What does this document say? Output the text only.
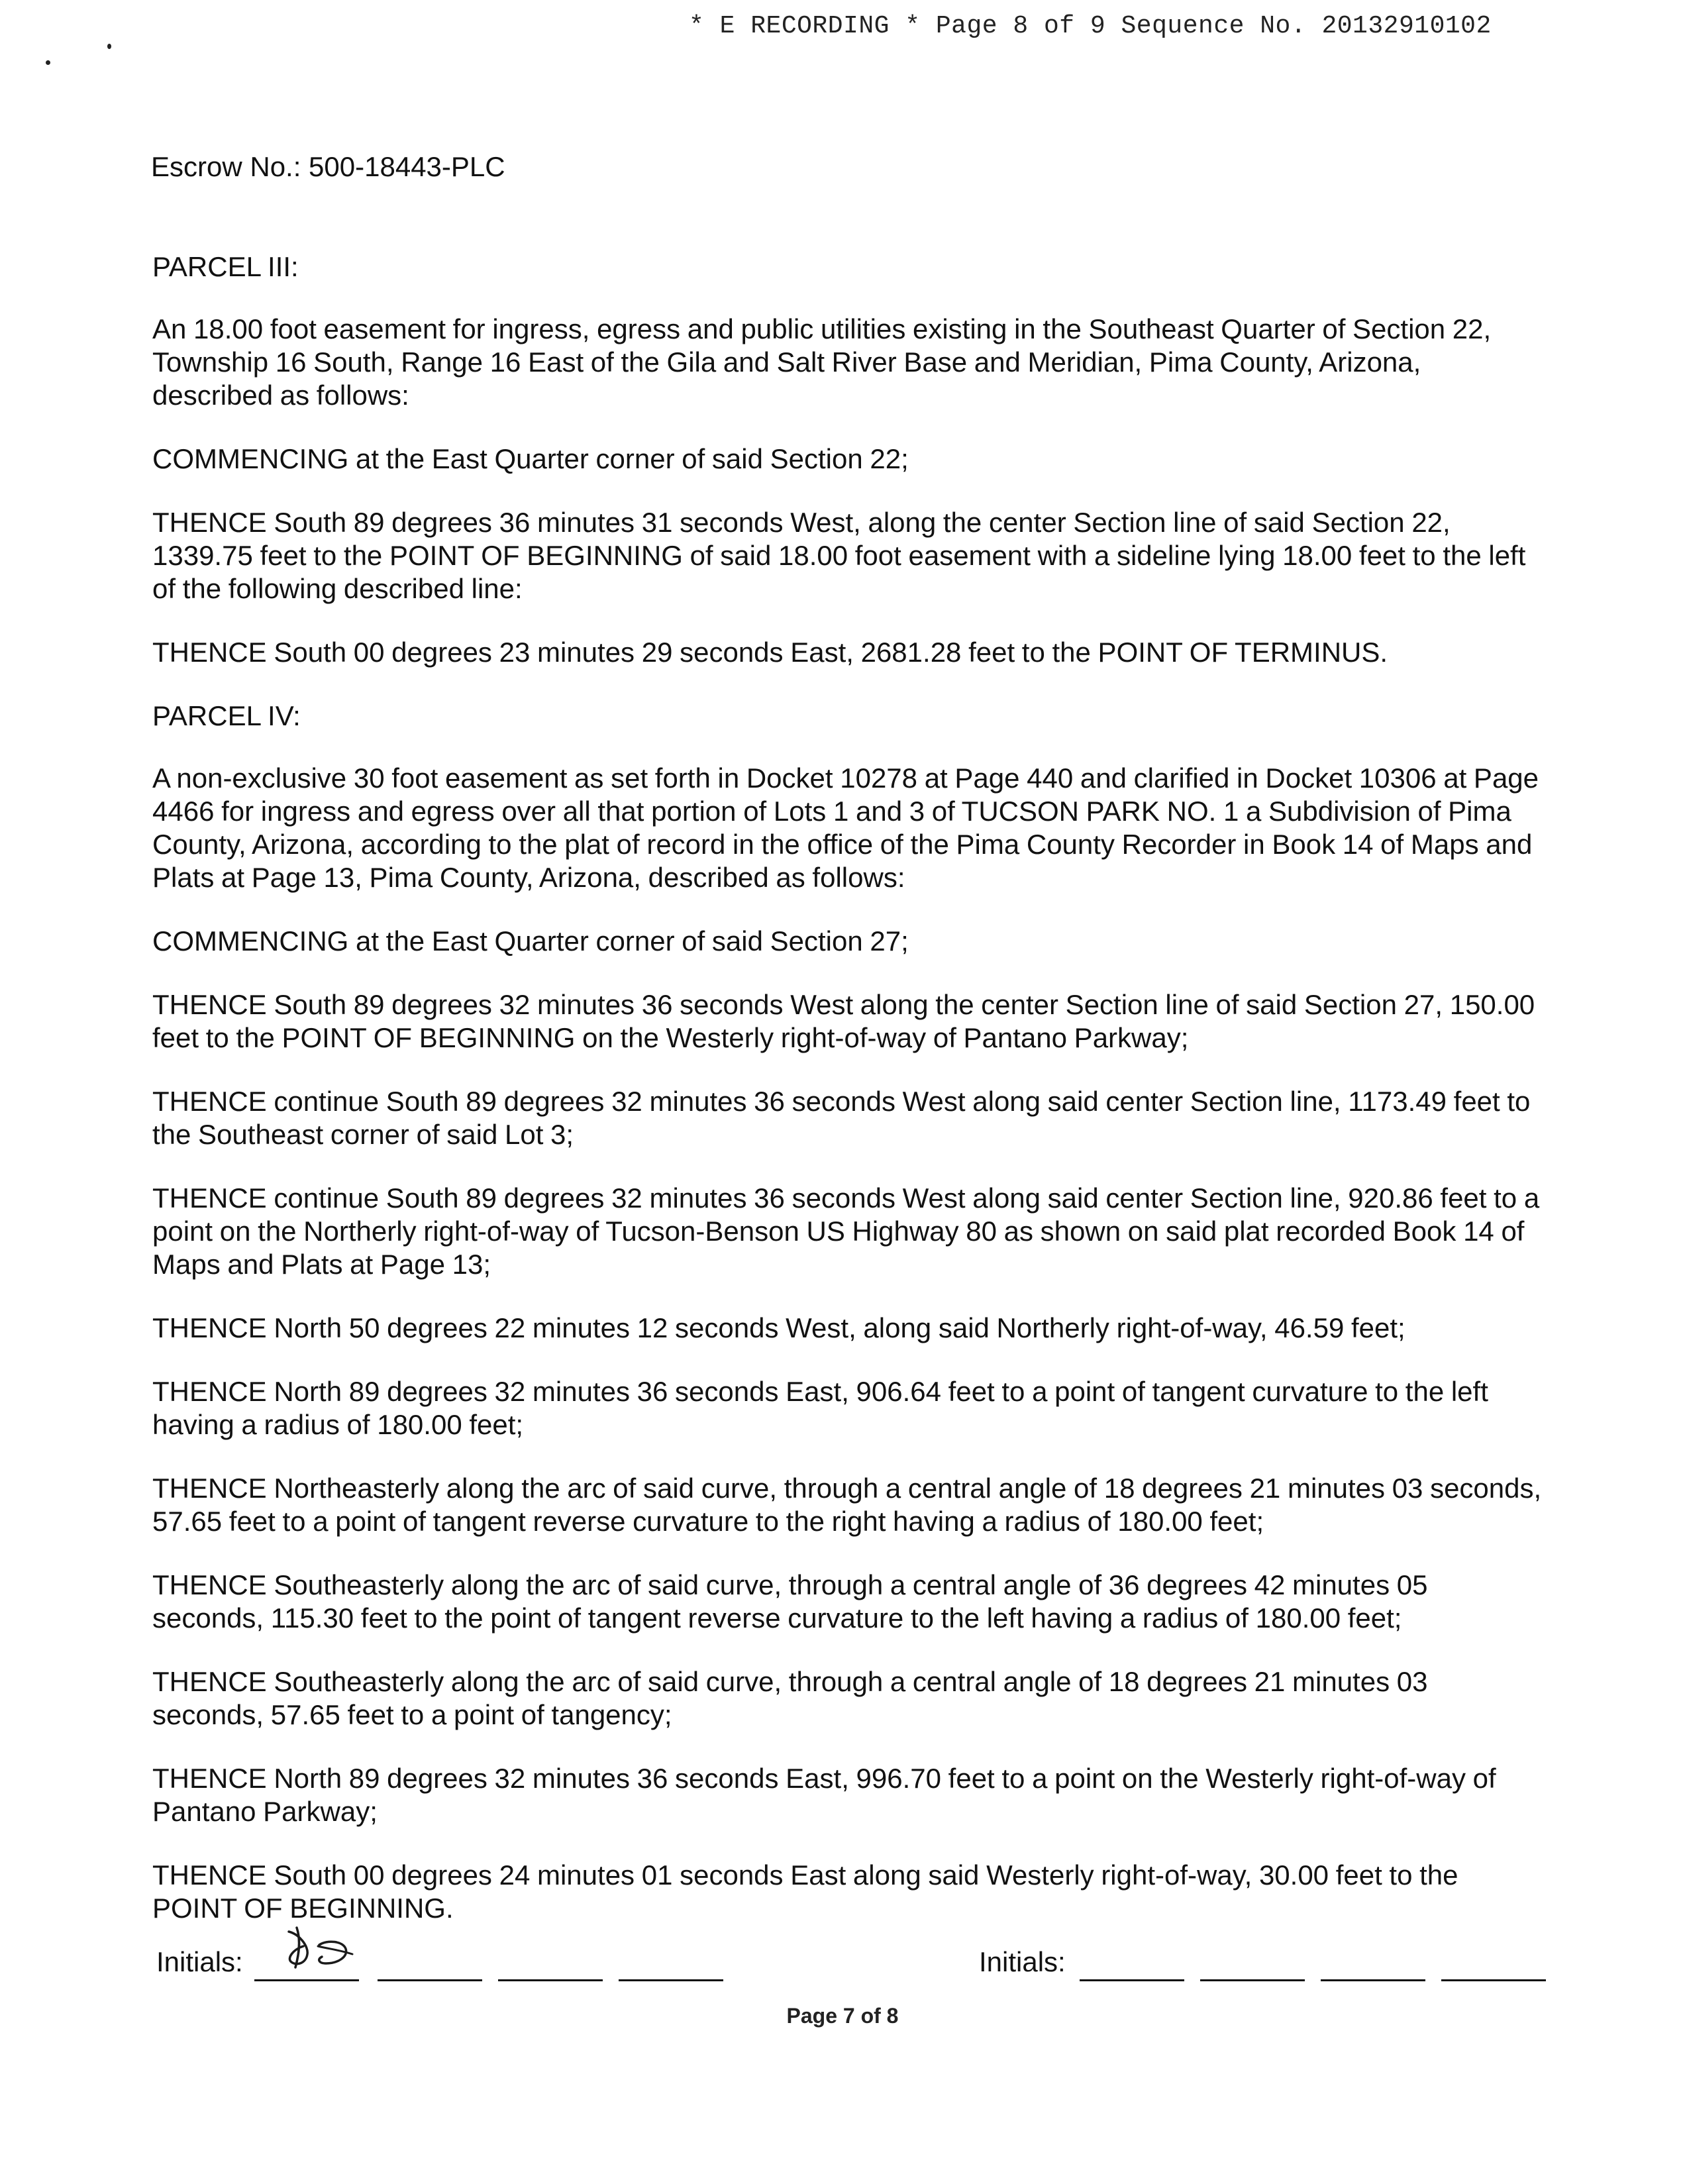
* E RECORDING * Page 8 of 9 Sequence No. 20132910102
Escrow No.: 500-18443-PLC

PARCEL III:

An 18.00 foot easement for ingress, egress and public utilities existing in the Southeast Quarter of Section 22, Township 16 South, Range 16 East of the Gila and Salt River Base and Meridian, Pima County, Arizona, described as follows:

COMMENCING at the East Quarter corner of said Section 22;

THENCE South 89 degrees 36 minutes 31 seconds West, along the center Section line of said Section 22, 1339.75 feet to the POINT OF BEGINNING of said 18.00 foot easement with a sideline lying 18.00 feet to the left of the following described line:

THENCE South 00 degrees 23 minutes 29 seconds East, 2681.28 feet to the POINT OF TERMINUS.

PARCEL IV:

A non-exclusive 30 foot easement as set forth in Docket 10278 at Page 440 and clarified in Docket 10306 at Page 4466 for ingress and egress over all that portion of Lots 1 and 3 of TUCSON PARK NO. 1 a Subdivision of Pima County, Arizona, according to the plat of record in the office of the Pima County Recorder in Book 14 of Maps and Plats at Page 13, Pima County, Arizona, described as follows:

COMMENCING at the East Quarter corner of said Section 27;

THENCE South 89 degrees 32 minutes 36 seconds West along the center Section line of said Section 27, 150.00 feet to the POINT OF BEGINNING on the Westerly right-of-way of Pantano Parkway;

THENCE continue South 89 degrees 32 minutes 36 seconds West along said center Section line, 1173.49 feet to the Southeast corner of said Lot 3;

THENCE continue South 89 degrees 32 minutes 36 seconds West along said center Section line, 920.86 feet to a point on the Northerly right-of-way of Tucson-Benson US Highway 80 as shown on said plat recorded Book 14 of Maps and Plats at Page 13;

THENCE North 50 degrees 22 minutes 12 seconds West, along said Northerly right-of-way, 46.59 feet;

THENCE North 89 degrees 32 minutes 36 seconds East, 906.64 feet to a point of tangent curvature to the left having a radius of 180.00 feet;

THENCE Northeasterly along the arc of said curve, through a central angle of 18 degrees 21 minutes 03 seconds, 57.65 feet to a point of tangent reverse curvature to the right having a radius of 180.00 feet;

THENCE Southeasterly along the arc of said curve, through a central angle of 36 degrees 42 minutes 05 seconds, 115.30 feet to the point of tangent reverse curvature to the left having a radius of 180.00 feet;

THENCE Southeasterly along the arc of said curve, through a central angle of 18 degrees 21 minutes 03 seconds, 57.65 feet to a point of tangency;

THENCE North 89 degrees 32 minutes 36 seconds East, 996.70 feet to a point on the Westerly right-of-way of Pantano Parkway;

THENCE South 00 degrees 24 minutes 01 seconds East along said Westerly right-of-way, 30.00 feet to the POINT OF BEGINNING.

Initials:	Initials:
Page 7 of 8
